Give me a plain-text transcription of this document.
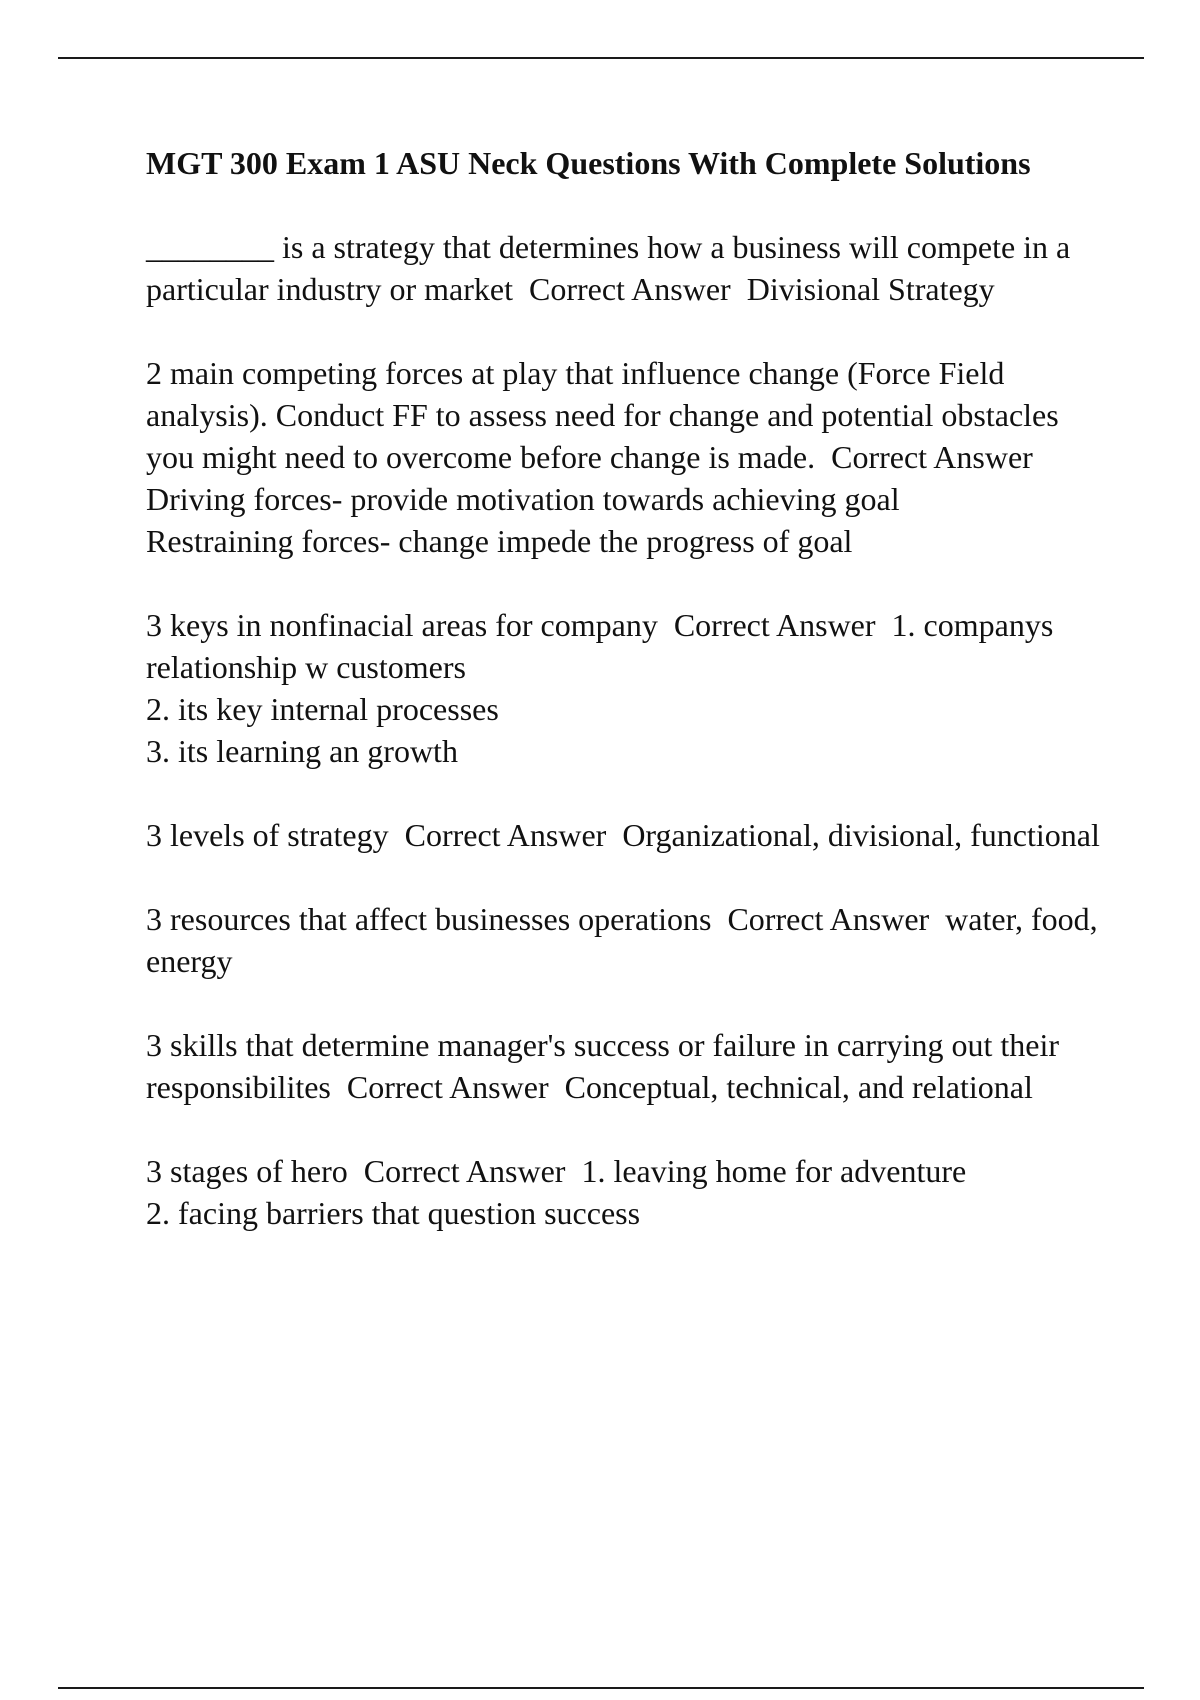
MGT 300 Exam 1 ASU Neck Questions With Complete Solutions
________ is a strategy that determines how a business will compete in a particular industry or market  Correct Answer  Divisional Strategy
2 main competing forces at play that influence change (Force Field analysis). Conduct FF to assess need for change and potential obstacles you might need to overcome before change is made.  Correct Answer  Driving forces- provide motivation towards achieving goal
Restraining forces- change impede the progress of goal
3 keys in nonfinacial areas for company  Correct Answer  1. companys relationship w customers
2. its key internal processes
3. its learning an growth
3 levels of strategy  Correct Answer  Organizational, divisional, functional
3 resources that affect businesses operations  Correct Answer  water, food, energy
3 skills that determine manager's success or failure in carrying out their responsibilites  Correct Answer  Conceptual, technical, and relational
3 stages of hero  Correct Answer  1. leaving home for adventure
2. facing barriers that question success
